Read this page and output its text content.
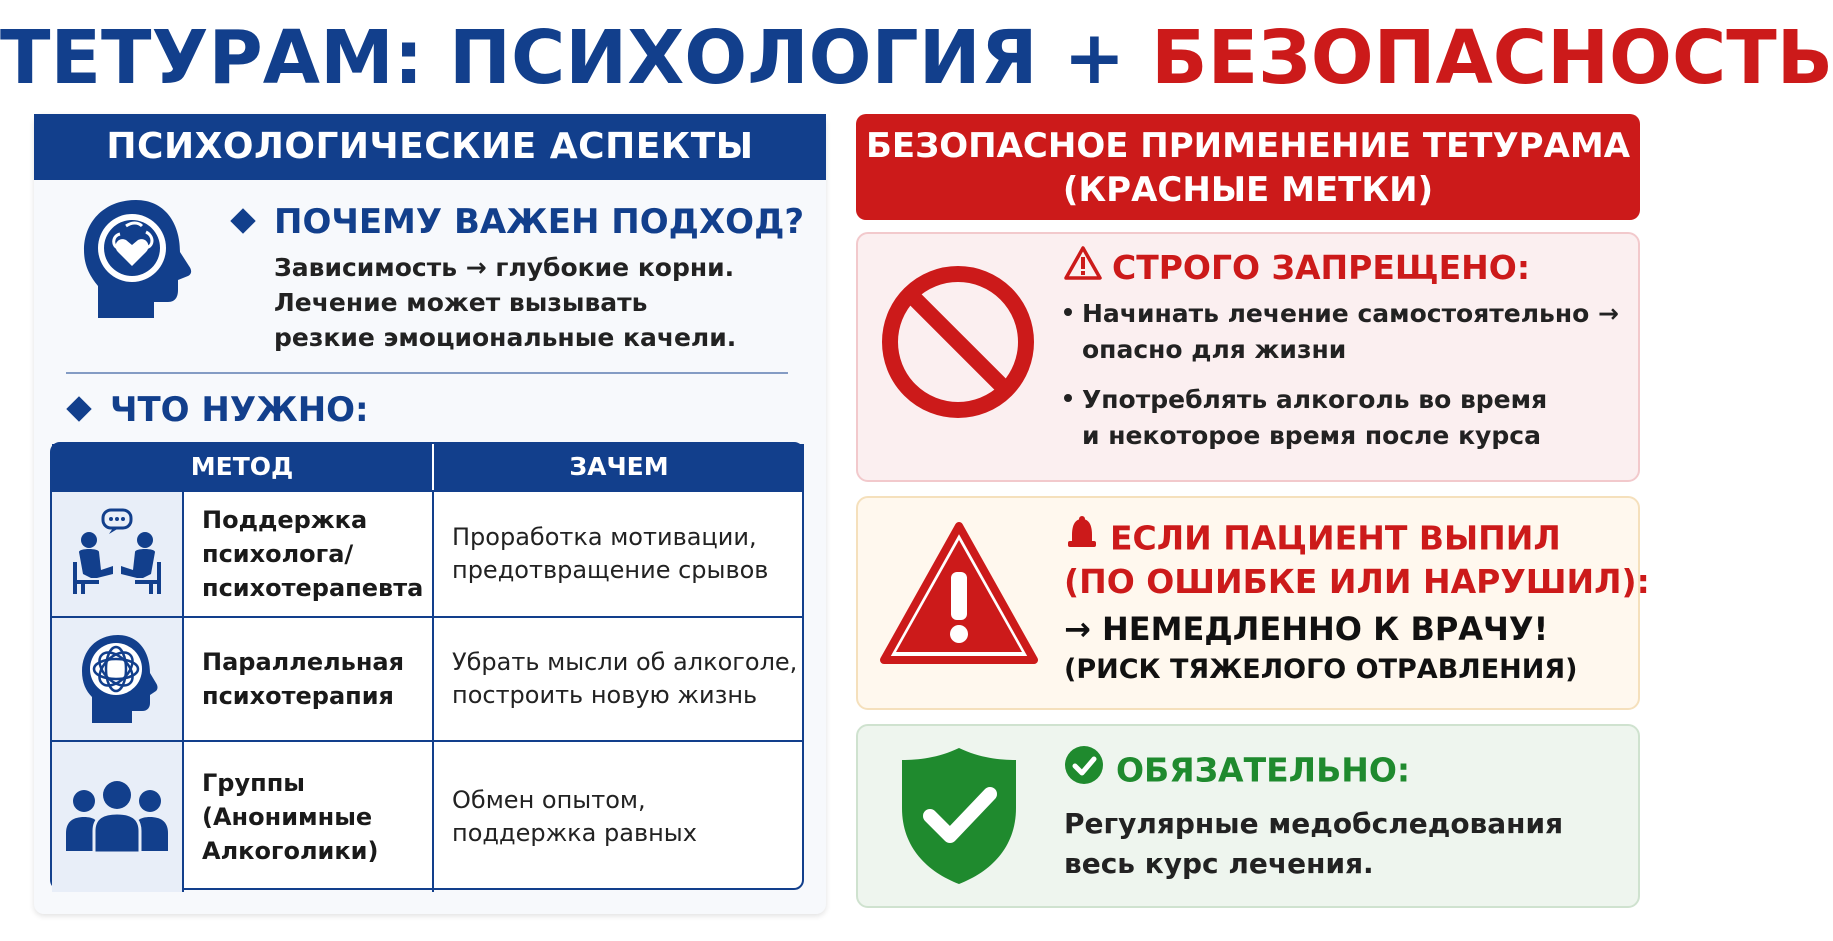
ТЕТУРАМ: ПСИХОЛОГИЯ + БЕЗОПАСНОСТЬ
ПСИХОЛОГИЧЕСКИЕ АСПЕКТЫ
ПОЧЕМУ ВАЖЕН ПОДХОД?
Зависимость → глубокие корни.
Лечение может вызывать
резкие эмоциональные качели.
ЧТО НУЖНО:
МЕТОД	ЗАЧЕМ
Поддержка
психолога/
психотерапевта
Проработка мотивации,
предотвращение срывов
Параллельная
психотерапия
Убрать мысли об алкоголе,
построить новую жизнь
Группы
(Анонимные
Алкоголики)
Обмен опытом,
поддержка равных
БЕЗОПАСНОЕ ПРИМЕНЕНИЕ ТЕТУРАМА
(КРАСНЫЕ МЕТКИ)
СТРОГО ЗАПРЕЩЕНО:
Начинать лечение самостоятельно →
опасно для жизни
Употреблять алкоголь во время
и некоторое время после курса
ЕСЛИ ПАЦИЕНТ ВЫПИЛ
(ПО ОШИБКЕ ИЛИ НАРУШИЛ):
→ НЕМЕДЛЕННО К ВРАЧУ!
(РИСК ТЯЖЕЛОГО ОТРАВЛЕНИЯ)
ОБЯЗАТЕЛЬНО:
Регулярные медобследования
весь курс лечения.
